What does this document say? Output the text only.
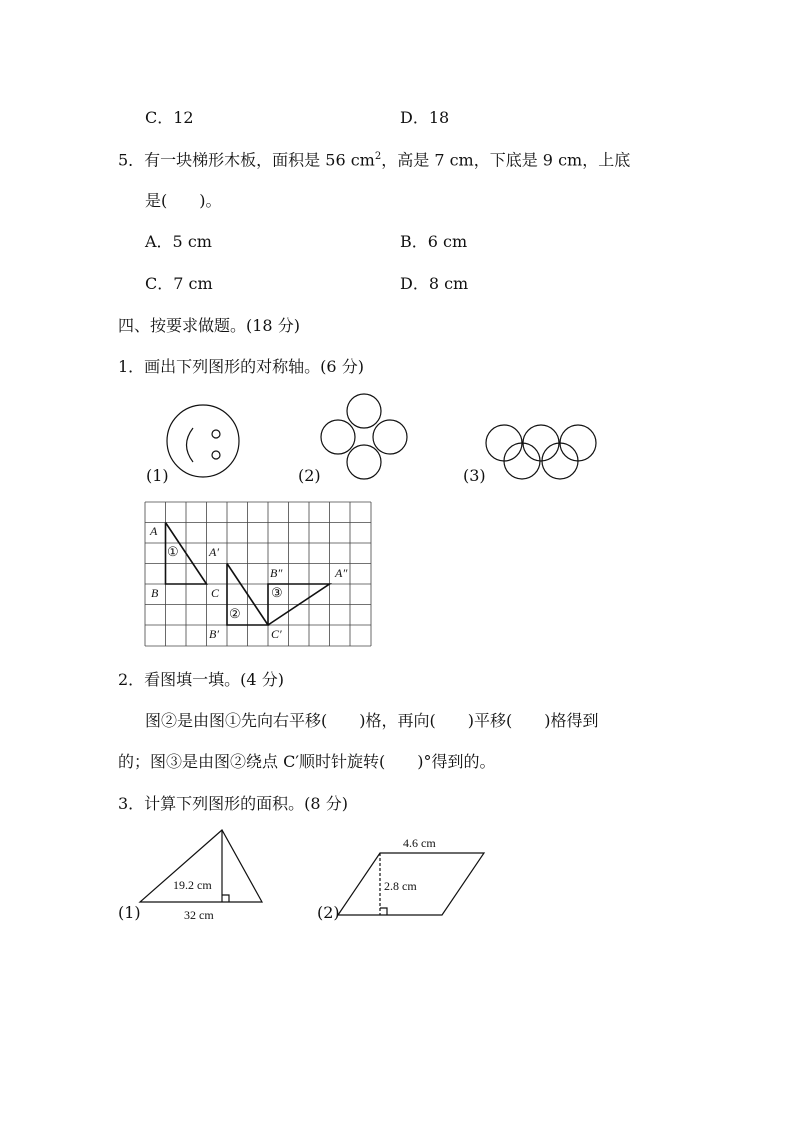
C．12	D．18
5．有一块梯形木板，面积是 56 $cm^2$，高是 7 cm，下底是 9 cm，上底
是(　　)。
A．5 cm	B．6 cm
C．7 cm	D．8 cm
四、按要求做题。(18 分)
1．画出下列图形的对称轴。(6 分)
(1)	(2)	(3)
A
B	C
A′
B′	C′
A″
B″
①
②
③
2．看图填一填。(4 分)
图②是由图①先向右平移(　　)格，再向(　　)平移(　　)格得到
的；图③是由图②绕点 C′顺时针旋转(　　)°得到的。
3．计算下列图形的面积。(8 分)
19.2 cm
32 cm
4.6 cm
2.8 cm
(1)	(2)
